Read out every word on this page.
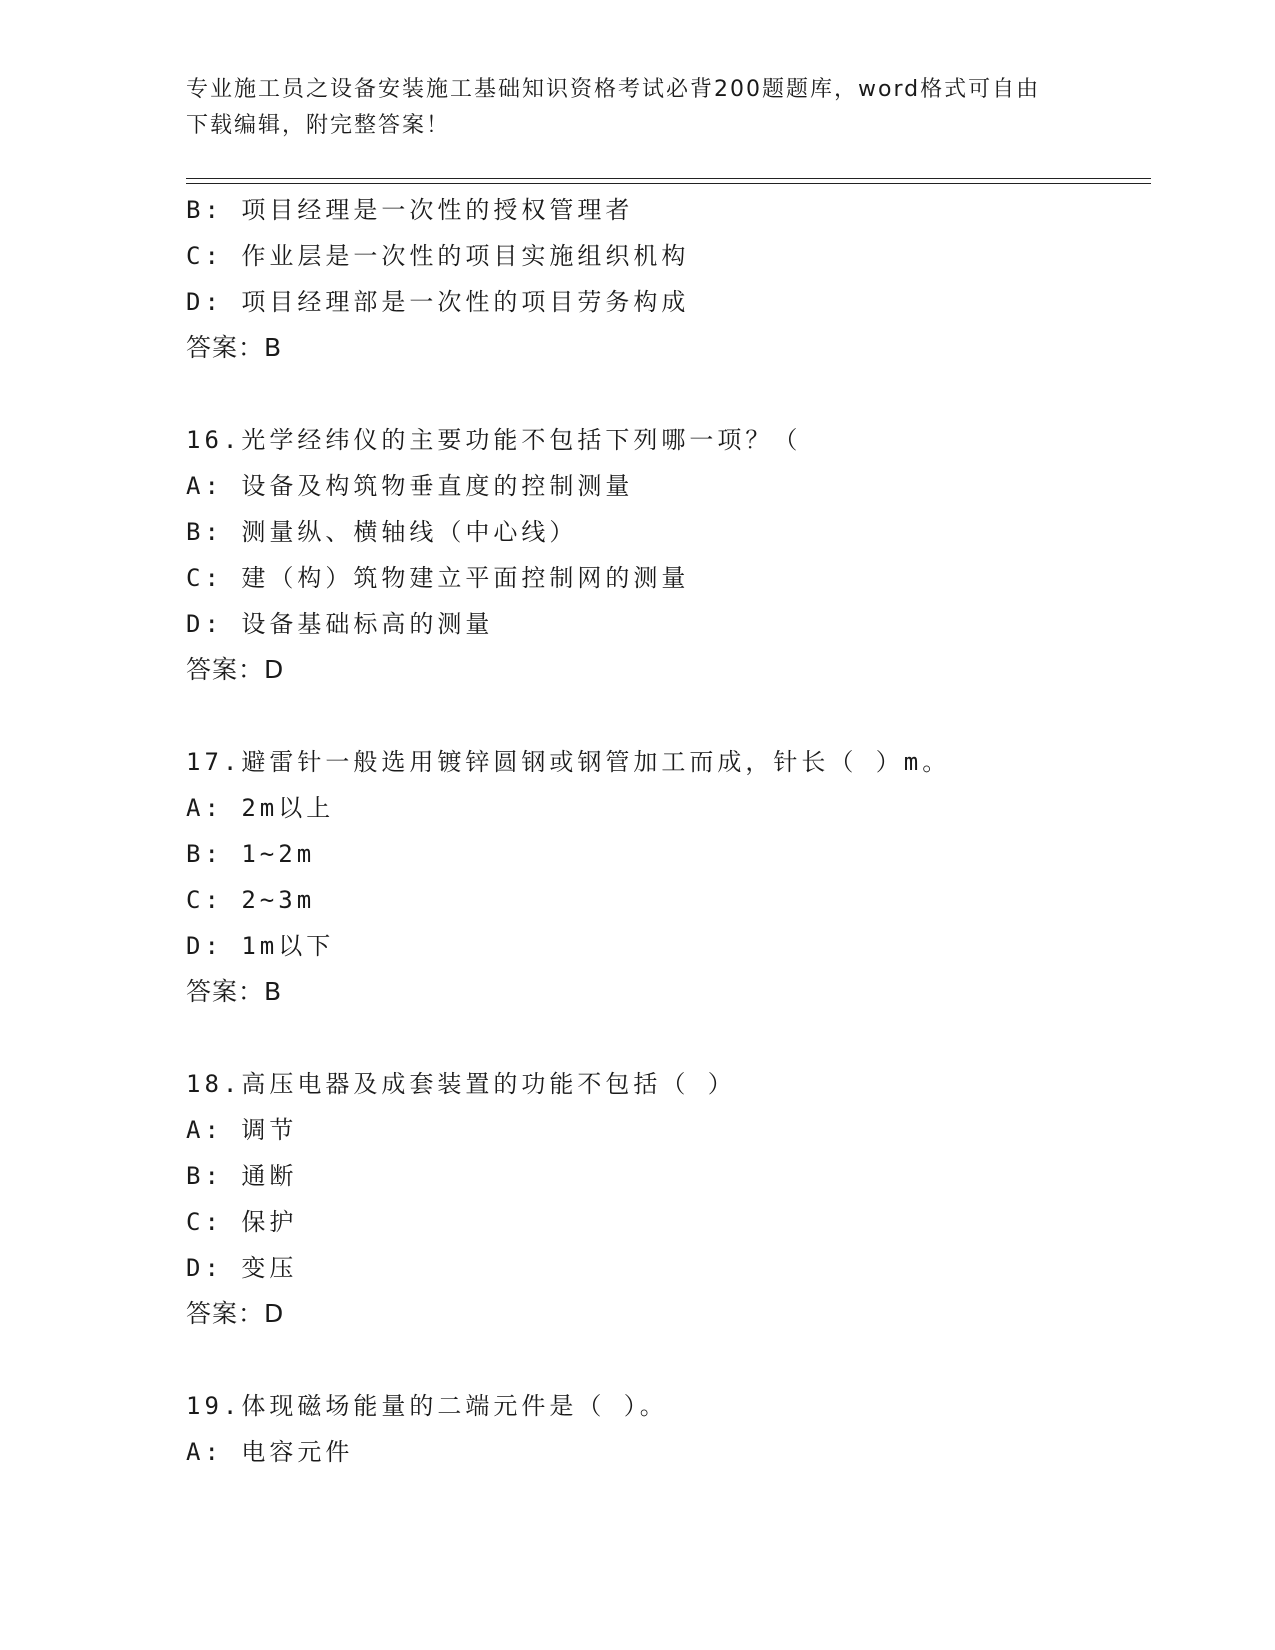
专业施工员之设备安装施工基础知识资格考试必背200题题库，word格式可自由
下载编辑，附完整答案！
B: 项目经理是一次性的授权管理者
C: 作业层是一次性的项目实施组织机构
D: 项目经理部是一次性的项目劳务构成
答案：B
16.光学经纬仪的主要功能不包括下列哪一项？（
A: 设备及构筑物垂直度的控制测量
B: 测量纵、横轴线（中心线）
C: 建（构）筑物建立平面控制网的测量
D: 设备基础标高的测量
答案：D
17.避雷针一般选用镀锌圆钢或钢管加工而成，针长（ ）m。
A: 2m以上
B: 1~2m
C: 2~3m
D: 1m以下
答案：B
18.高压电器及成套装置的功能不包括（ ）
A: 调节
B: 通断
C: 保护
D: 变压
答案：D
19.体现磁场能量的二端元件是（ ）。
A: 电容元件
